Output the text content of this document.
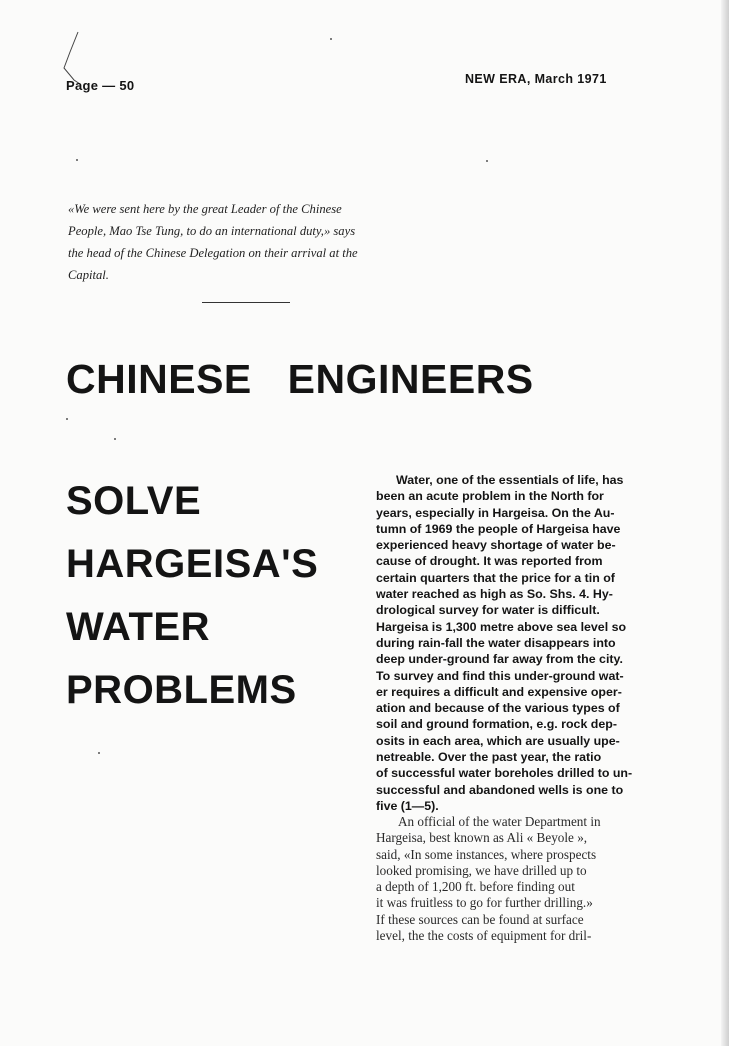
Page — 50	NEW ERA, March 1971
«We were sent here by the great Leader of the Chinese
People, Mao Tse Tung, to do an international duty,» says
the head of the Chinese Delegation on their arrival at the
Capital.
CHINESE ENGINEERS
SOLVE
HARGEISA'S
WATER
PROBLEMS
Water, one of the essentials of life, has
been an acute problem in the North for
years, especially in Hargeisa. On the Au-
tumn of 1969 the people of Hargeisa have
experienced heavy shortage of water be-
cause of drought. It was reported from
certain quarters that the price for a tin of
water reached as high as So. Shs. 4. Hy-
drological survey for water is difficult.
Hargeisa is 1,300 metre above sea level so
during rain-fall the water disappears into
deep under-ground far away from the city.
To survey and find this under-ground wat-
er requires a difficult and expensive oper-
ation and because of the various types of
soil and ground formation, e.g. rock dep-
osits in each area, which are usually upe-
netreable. Over the past year, the ratio
of successful water boreholes drilled to un-
successful and abandoned wells is one to
five (1—5).
An official of the water Department in
Hargeisa, best known as Ali « Beyole »,
said, «In some instances, where prospects
looked promising, we have drilled up to
a depth of 1,200 ft. before finding out
it was fruitless to go for further drilling.»
If these sources can be found at surface
level, the the costs of equipment for dril-
